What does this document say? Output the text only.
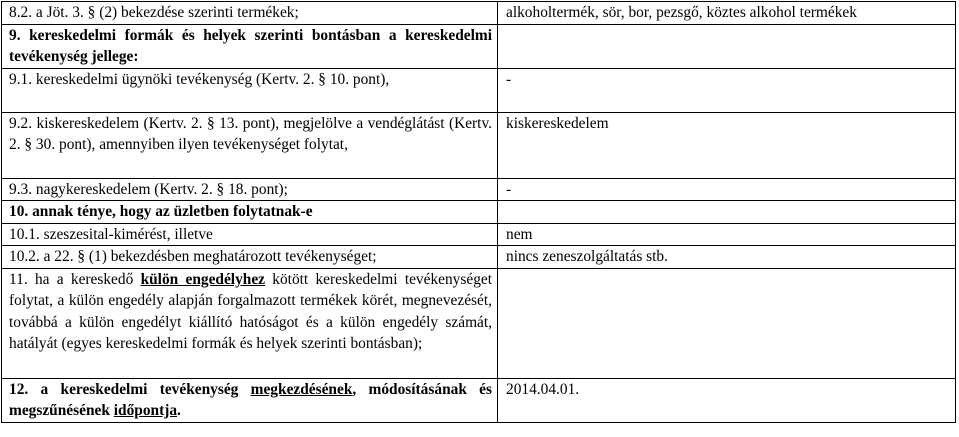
8.2. a Jöt. 3. § (2) bekezdése szerinti termékek;	alkoholtermék, sör, bor, pezsgő, köztes alkohol termékek
9. kereskedelmi formák és helyek szerinti bontásban a kereskedelmi tevékenység jellege:	
9.1. kereskedelmi ügynöki tevékenység (Kertv. 2. § 10. pont),	-
9.2. kiskereskedelem (Kertv. 2. § 13. pont), megjelölve a vendéglátást (Kertv. 2. § 30. pont), amennyiben ilyen tevékenységet folytat,	kiskereskedelem
9.3. nagykereskedelem (Kertv. 2. § 18. pont);	-
10. annak ténye, hogy az üzletben folytatnak-e	
10.1. szeszesital-kimérést, illetve	nem
10.2. a 22. § (1) bekezdésben meghatározott tevékenységet;	nincs zeneszolgáltatás stb.
11. ha a kereskedő külön engedélyhez kötött kereskedelmi tevékenységet folytat, a külön engedély alapján forgalmazott termékek körét, megnevezését, továbbá a külön engedélyt kiállító hatóságot és a külön engedély számát, hatályát (egyes kereskedelmi formák és helyek szerinti bontásban);	
12. a kereskedelmi tevékenység megkezdésének, módosításának és megszűnésének időpontja.	2014.04.01.
